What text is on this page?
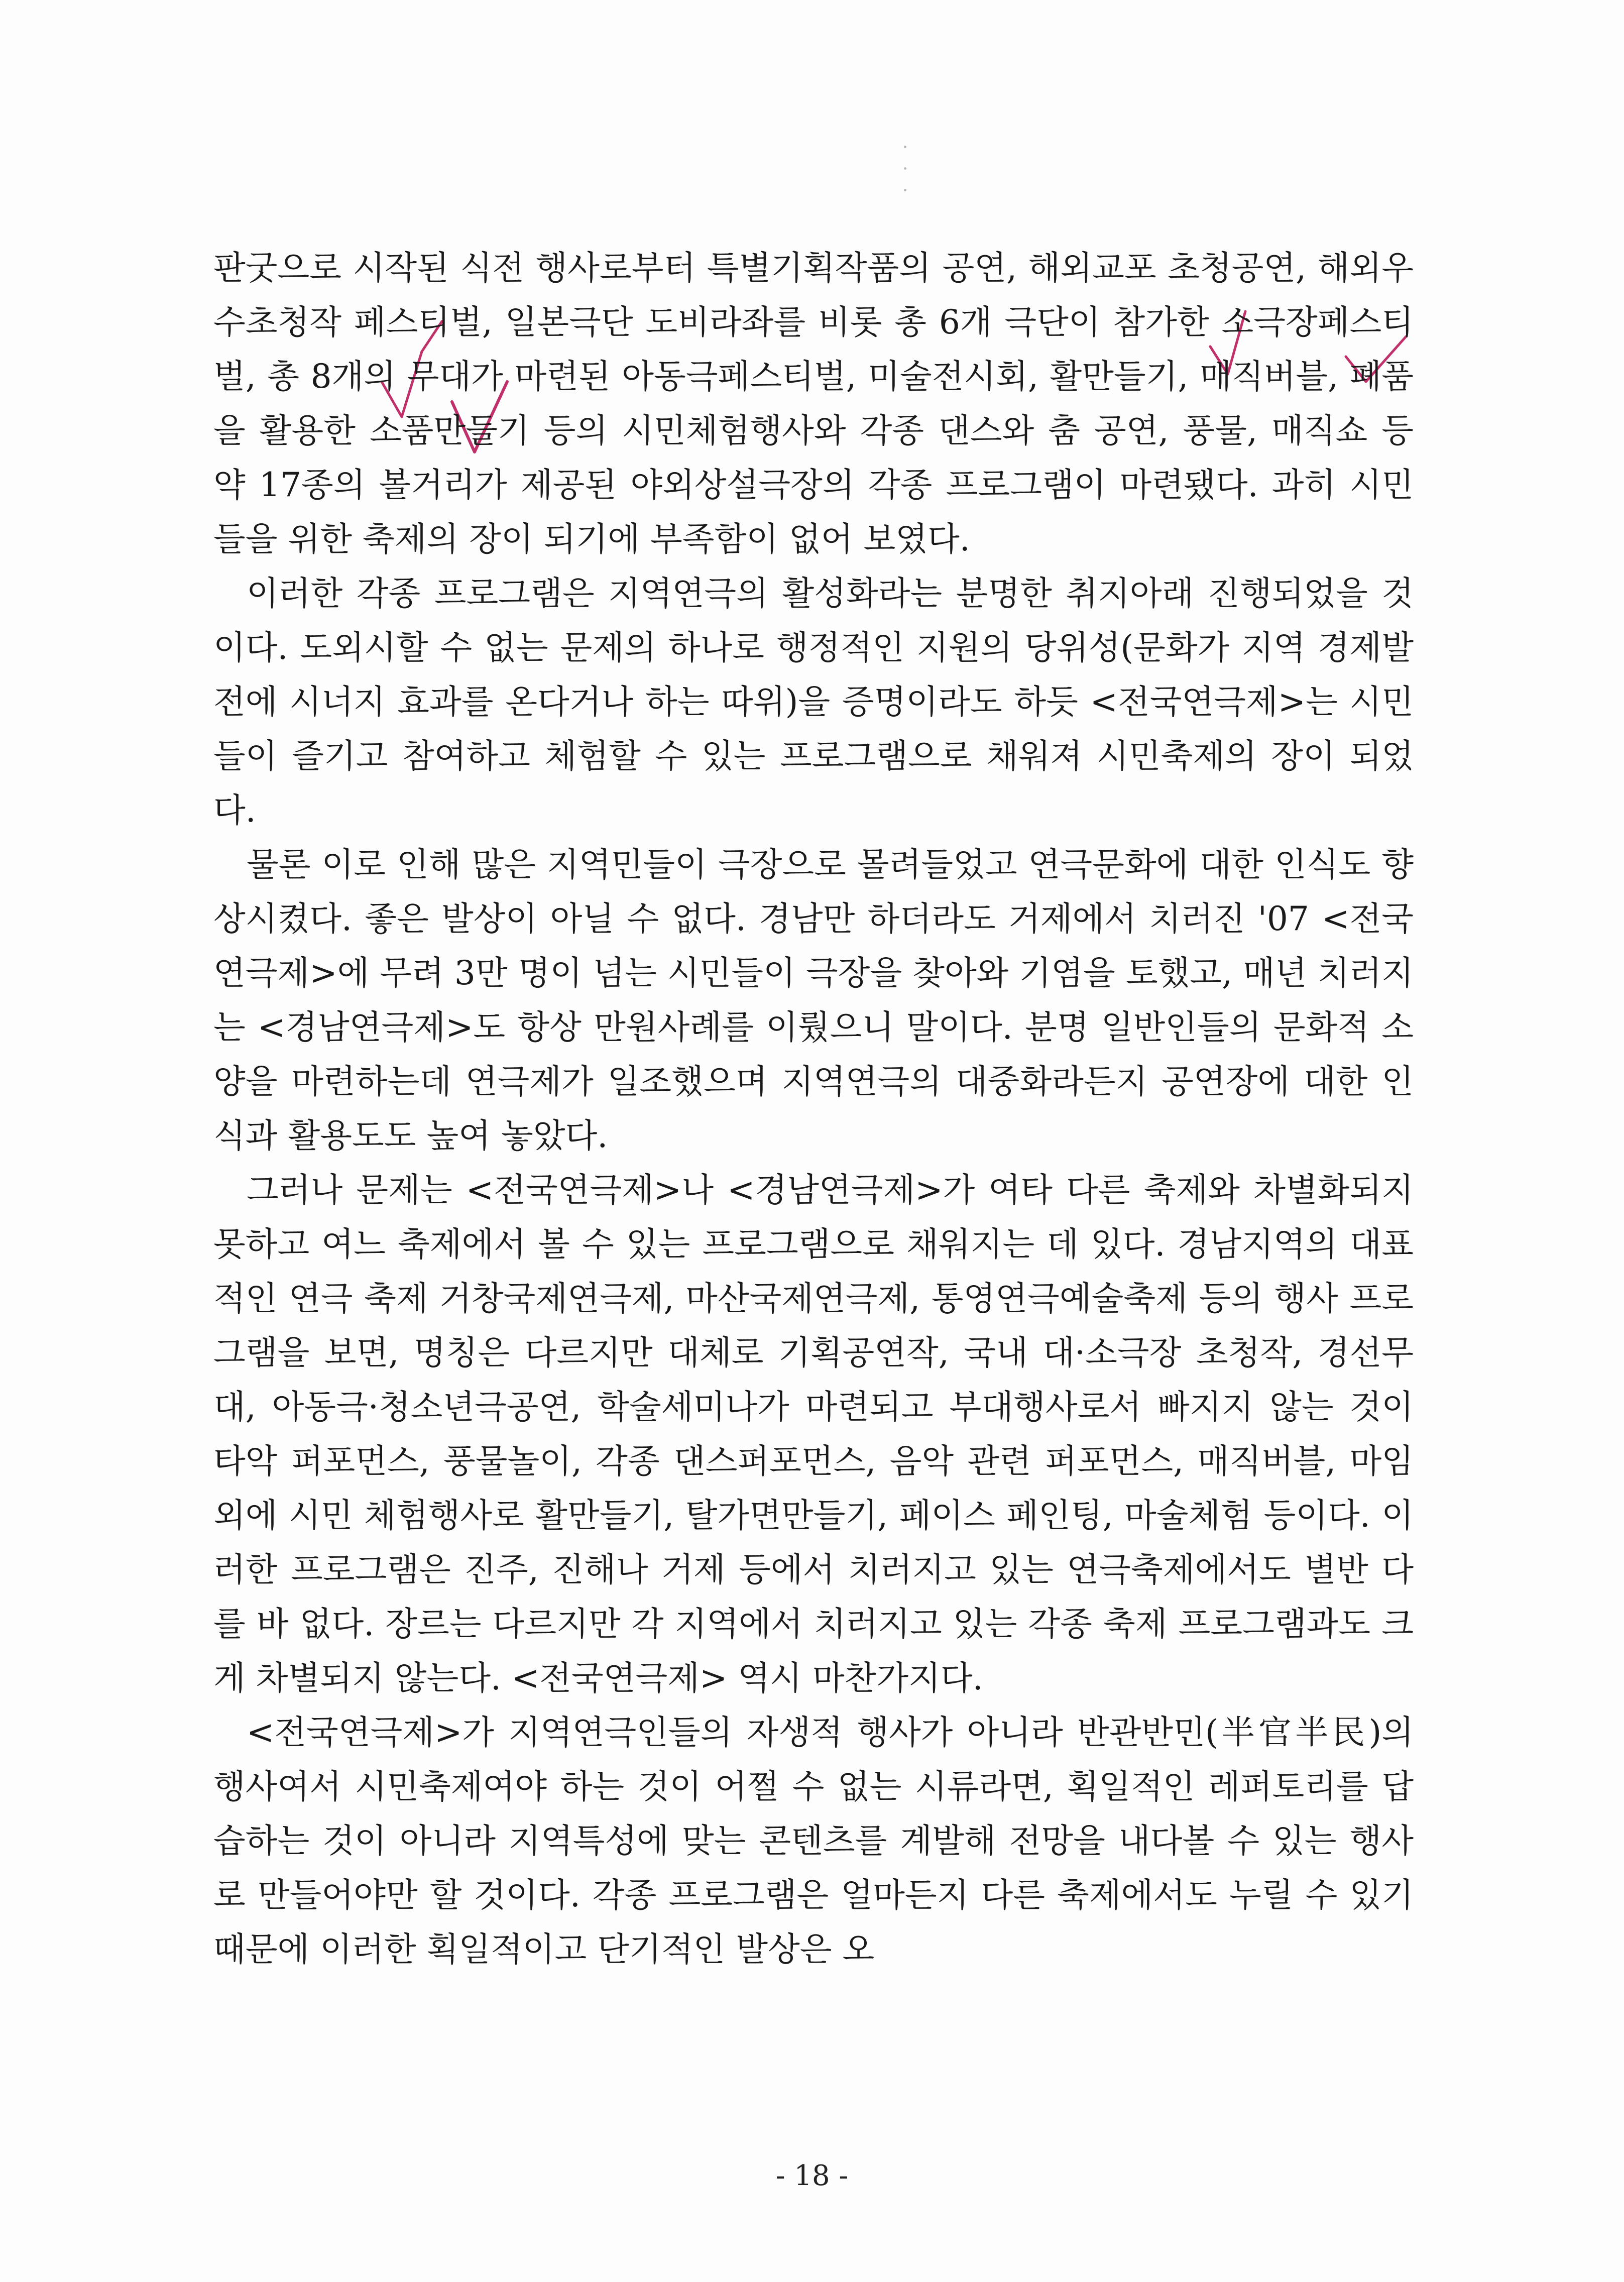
판굿으로 시작된 식전 행사로부터 특별기획작품의 공연, 해외교포 초청공연, 해외우수초청작 페스티벌, 일본극단 도비라좌를 비롯 총 6개 극단이 참가한 소극장페스티벌, 총 8개의 무대가 마련된 아동극페스티벌, 미술전시회, 활만들기, 매직버블, 폐품을 활용한 소품만들기 등의 시민체험행사와 각종 댄스와 춤 공연, 풍물, 매직쇼 등 약 17종의 볼거리가 제공된 야외상설극장의 각종 프로그램이 마련됐다. 과히 시민들을 위한 축제의 장이 되기에 부족함이 없어 보였다.

이러한 각종 프로그램은 지역연극의 활성화라는 분명한 취지아래 진행되었을 것이다. 도외시할 수 없는 문제의 하나로 행정적인 지원의 당위성(문화가 지역 경제발전에 시너지 효과를 온다거나 하는 따위)을 증명이라도 하듯 <전국연극제>는 시민들이 즐기고 참여하고 체험할 수 있는 프로그램으로 채워져 시민축제의 장이 되었다.

물론 이로 인해 많은 지역민들이 극장으로 몰려들었고 연극문화에 대한 인식도 향상시켰다. 좋은 발상이 아닐 수 없다. 경남만 하더라도 거제에서 치러진 '07 <전국연극제>에 무려 3만 명이 넘는 시민들이 극장을 찾아와 기염을 토했고, 매년 치러지는 <경남연극제>도 항상 만원사례를 이뤘으니 말이다. 분명 일반인들의 문화적 소양을 마련하는데 연극제가 일조했으며 지역연극의 대중화라든지 공연장에 대한 인식과 활용도도 높여 놓았다.

그러나 문제는 <전국연극제>나 <경남연극제>가 여타 다른 축제와 차별화되지 못하고 여느 축제에서 볼 수 있는 프로그램으로 채워지는 데 있다. 경남지역의 대표적인 연극 축제 거창국제연극제, 마산국제연극제, 통영연극예술축제 등의 행사 프로그램을 보면, 명칭은 다르지만 대체로 기획공연작, 국내 대·소극장 초청작, 경선무대, 아동극·청소년극공연, 학술세미나가 마련되고 부대행사로서 빠지지 않는 것이 타악 퍼포먼스, 풍물놀이, 각종 댄스퍼포먼스, 음악 관련 퍼포먼스, 매직버블, 마임 외에 시민 체험행사로 활만들기, 탈가면만들기, 페이스 페인팅, 마술체험 등이다. 이러한 프로그램은 진주, 진해나 거제 등에서 치러지고 있는 연극축제에서도 별반 다를 바 없다. 장르는 다르지만 각 지역에서 치러지고 있는 각종 축제 프로그램과도 크게 차별되지 않는다. <전국연극제> 역시 마찬가지다.

<전국연극제>가 지역연극인들의 자생적 행사가 아니라 반관반민(半官半民)의 행사여서 시민축제여야 하는 것이 어쩔 수 없는 시류라면, 획일적인 레퍼토리를 답습하는 것이 아니라 지역특성에 맞는 콘텐츠를 계발해 전망을 내다볼 수 있는 행사로 만들어야만 할 것이다. 각종 프로그램은 얼마든지 다른 축제에서도 누릴 수 있기 때문에 이러한 획일적이고 단기적인 발상은 오

- 18 -
